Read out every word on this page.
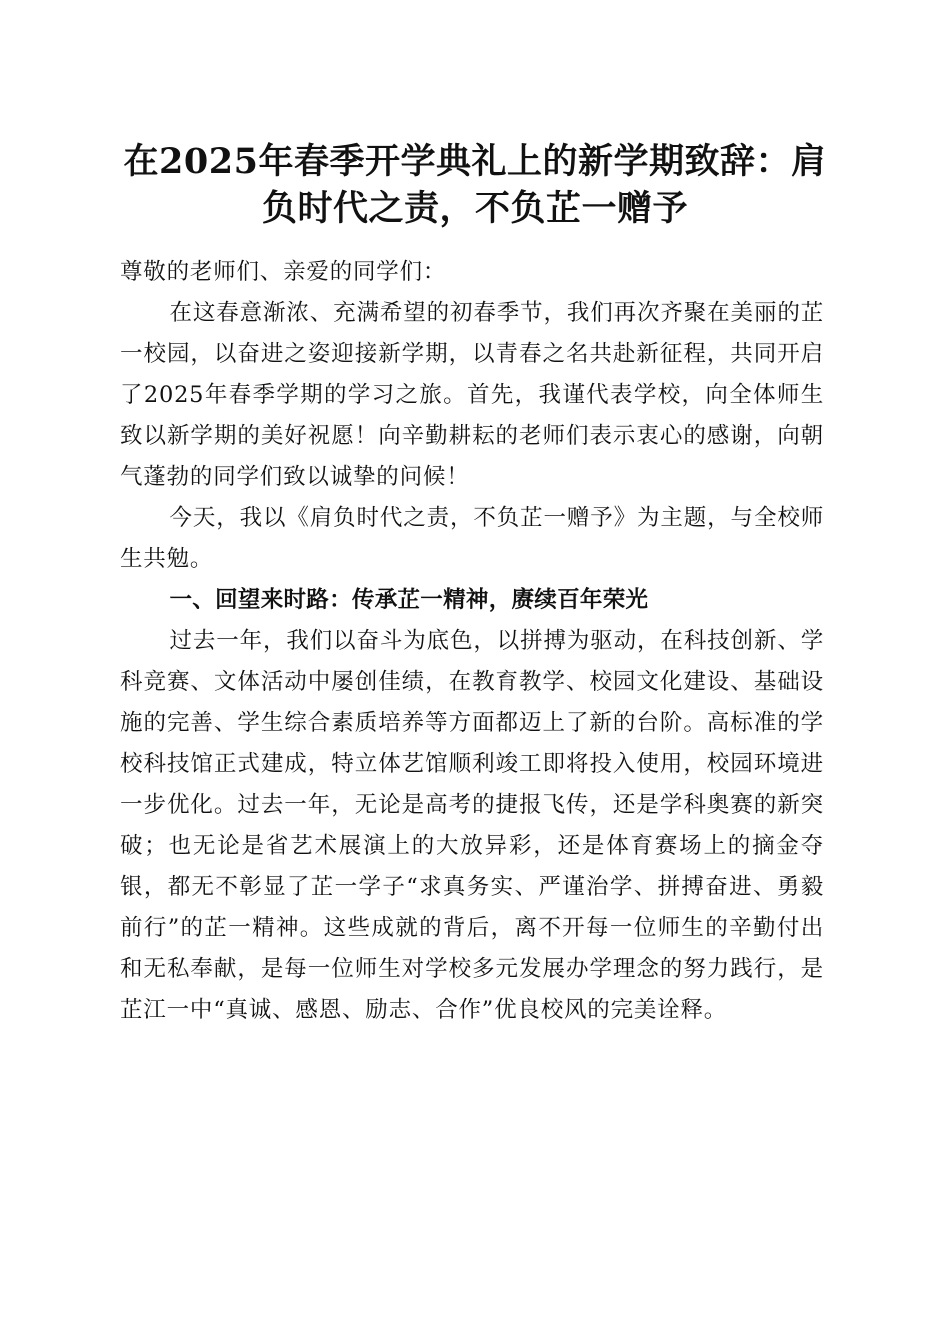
在2025年春季开学典礼上的新学期致辞：肩
负时代之责，不负芷一赠予

尊敬的老师们、亲爱的同学们：

在这春意渐浓、充满希望的初春季节，我们再次齐聚在美丽的芷一校园，以奋进之姿迎接新学期，以青春之名共赴新征程，共同开启了2025年春季学期的学习之旅。首先，我谨代表学校，向全体师生致以新学期的美好祝愿！向辛勤耕耘的老师们表示衷心的感谢，向朝气蓬勃的同学们致以诚挚的问候！

今天，我以《肩负时代之责，不负芷一赠予》为主题，与全校师生共勉。

一、回望来时路：传承芷一精神，赓续百年荣光

过去一年，我们以奋斗为底色，以拼搏为驱动，在科技创新、学科竞赛、文体活动中屡创佳绩，在教育教学、校园文化建设、基础设施的完善、学生综合素质培养等方面都迈上了新的台阶。高标准的学校科技馆正式建成，特立体艺馆顺利竣工即将投入使用，校园环境进一步优化。过去一年，无论是高考的捷报飞传，还是学科奥赛的新突破；也无论是省艺术展演上的大放异彩，还是体育赛场上的摘金夺银，都无不彰显了芷一学子“求真务实、严谨治学、拼搏奋进、勇毅前行”的芷一精神。这些成就的背后，离不开每一位师生的辛勤付出和无私奉献，是每一位师生对学校多元发展办学理念的努力践行，是芷江一中“真诚、感恩、励志、合作”优良校风的完美诠释。
